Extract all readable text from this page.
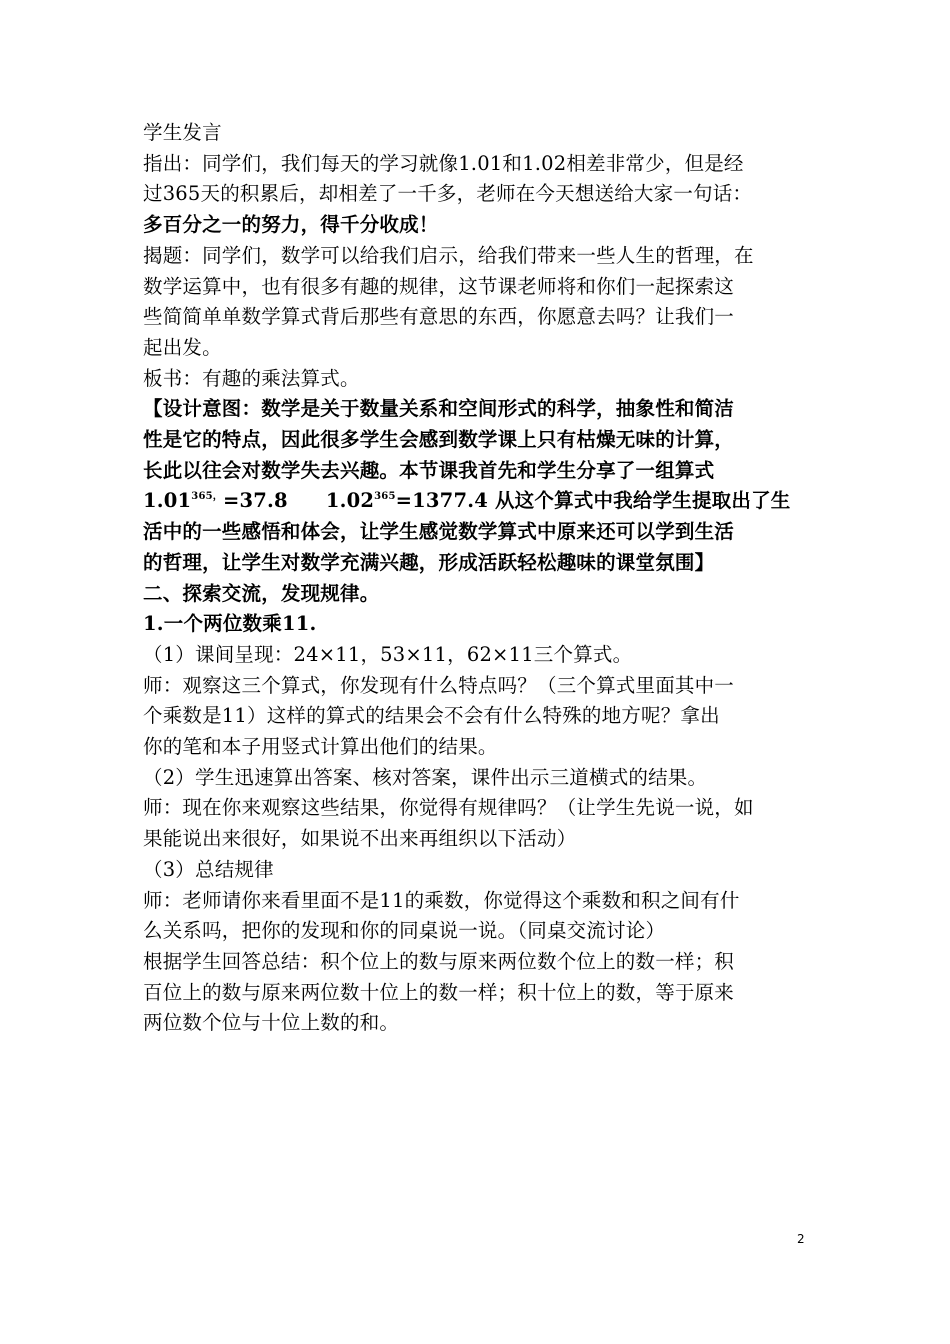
学生发言
指出：同学们，我们每天的学习就像1.01和1.02相差非常少，但是经
过365天的积累后，却相差了一千多，老师在今天想送给大家一句话：
多百分之一的努力，得千分收成！
揭题：同学们，数学可以给我们启示，给我们带来一些人生的哲理，在
数学运算中，也有很多有趣的规律，这节课老师将和你们一起探索这
些简简单单数学算式背后那些有意思的东西，你愿意去吗？让我们一
起出发。
板书：有趣的乘法算式。
【设计意图：数学是关于数量关系和空间形式的科学，抽象性和简洁
性是它的特点，因此很多学生会感到数学课上只有枯燥无味的计算，
长此以往会对数学失去兴趣。本节课我首先和学生分享了一组算式
$1.01^{365,}=37.8$ $1.02^{365}=1377.4$ 从这个算式中我给学生提取出了生
活中的一些感悟和体会，让学生感觉数学算式中原来还可以学到生活
的哲理，让学生对数学充满兴趣，形成活跃轻松趣味的课堂氛围】
二、探索交流，发现规律。
1.一个两位数乘11.
（1）课间呈现：24×11，53×11，62×11三个算式。
师：观察这三个算式，你发现有什么特点吗？（三个算式里面其中一
个乘数是11）这样的算式的结果会不会有什么特殊的地方呢？拿出
你的笔和本子用竖式计算出他们的结果。
（2）学生迅速算出答案、核对答案，课件出示三道横式的结果。
师：现在你来观察这些结果，你觉得有规律吗？（让学生先说一说，如
果能说出来很好，如果说不出来再组织以下活动）
（3）总结规律
师：老师请你来看里面不是11的乘数，你觉得这个乘数和积之间有什
么关系吗，把你的发现和你的同桌说一说。（同桌交流讨论）
根据学生回答总结：积个位上的数与原来两位数个位上的数一样；积
百位上的数与原来两位数十位上的数一样；积十位上的数，等于原来
两位数个位与十位上数的和。
2
